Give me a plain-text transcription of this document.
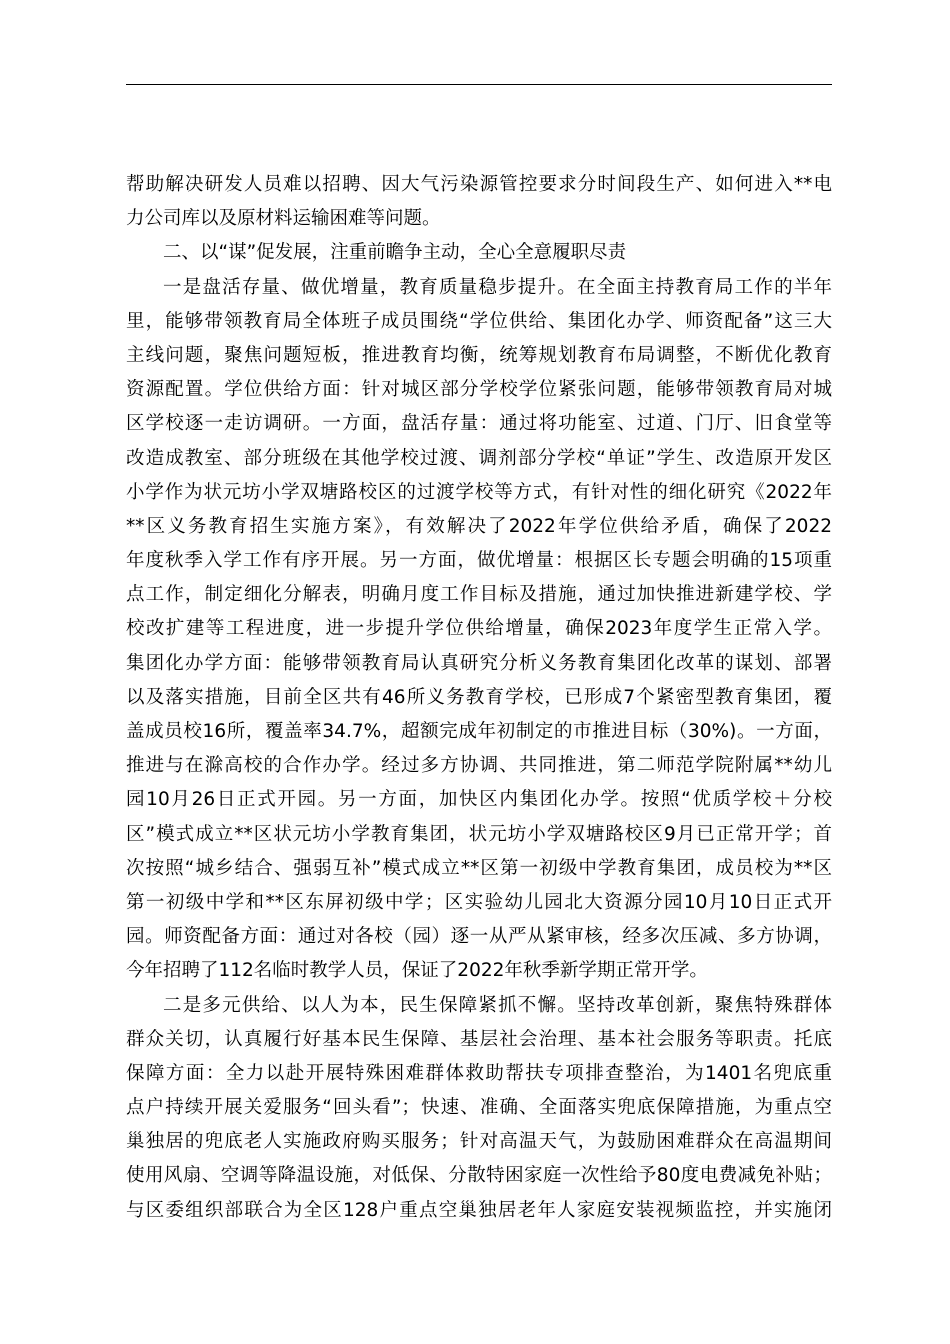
帮助解决研发人员难以招聘、因大气污染源管控要求分时间段生产、如何进入**电
力公司库以及原材料运输困难等问题。
二、以“谋”促发展，注重前瞻争主动，全心全意履职尽责
一是盘活存量、做优增量，教育质量稳步提升。在全面主持教育局工作的半年
里，能够带领教育局全体班子成员围绕“学位供给、集团化办学、师资配备”这三大
主线问题，聚焦问题短板，推进教育均衡，统筹规划教育布局调整，不断优化教育
资源配置。学位供给方面：针对城区部分学校学位紧张问题，能够带领教育局对城
区学校逐一走访调研。一方面，盘活存量：通过将功能室、过道、门厅、旧食堂等
改造成教室、部分班级在其他学校过渡、调剂部分学校“单证”学生、改造原开发区
小学作为状元坊小学双塘路校区的过渡学校等方式，有针对性的细化研究《2022年
**区义务教育招生实施方案》，有效解决了2022年学位供给矛盾，确保了2022
年度秋季入学工作有序开展。另一方面，做优增量：根据区长专题会明确的15项重
点工作，制定细化分解表，明确月度工作目标及措施，通过加快推进新建学校、学
校改扩建等工程进度，进一步提升学位供给增量，确保2023年度学生正常入学。
集团化办学方面：能够带领教育局认真研究分析义务教育集团化改革的谋划、部署
以及落实措施，目前全区共有46所义务教育学校，已形成7个紧密型教育集团，覆
盖成员校16所，覆盖率34.7%，超额完成年初制定的市推进目标（30%)。一方面，
推进与在滁高校的合作办学。经过多方协调、共同推进，第二师范学院附属**幼儿
园10月26日正式开园。另一方面，加快区内集团化办学。按照“优质学校＋分校
区”模式成立**区状元坊小学教育集团，状元坊小学双塘路校区9月已正常开学；首
次按照“城乡结合、强弱互补”模式成立**区第一初级中学教育集团，成员校为**区
第一初级中学和**区东屏初级中学；区实验幼儿园北大资源分园10月10日正式开
园。师资配备方面：通过对各校（园）逐一从严从紧审核，经多次压减、多方协调，
今年招聘了112名临时教学人员，保证了2022年秋季新学期正常开学。
二是多元供给、以人为本，民生保障紧抓不懈。坚持改革创新，聚焦特殊群体
群众关切，认真履行好基本民生保障、基层社会治理、基本社会服务等职责。托底
保障方面：全力以赴开展特殊困难群体救助帮扶专项排查整治，为1401名兜底重
点户持续开展关爱服务“回头看”；快速、准确、全面落实兜底保障措施，为重点空
巢独居的兜底老人实施政府购买服务；针对高温天气，为鼓励困难群众在高温期间
使用风扇、空调等降温设施，对低保、分散特困家庭一次性给予80度电费减免补贴；
与区委组织部联合为全区128户重点空巢独居老年人家庭安装视频监控，并实施闭
